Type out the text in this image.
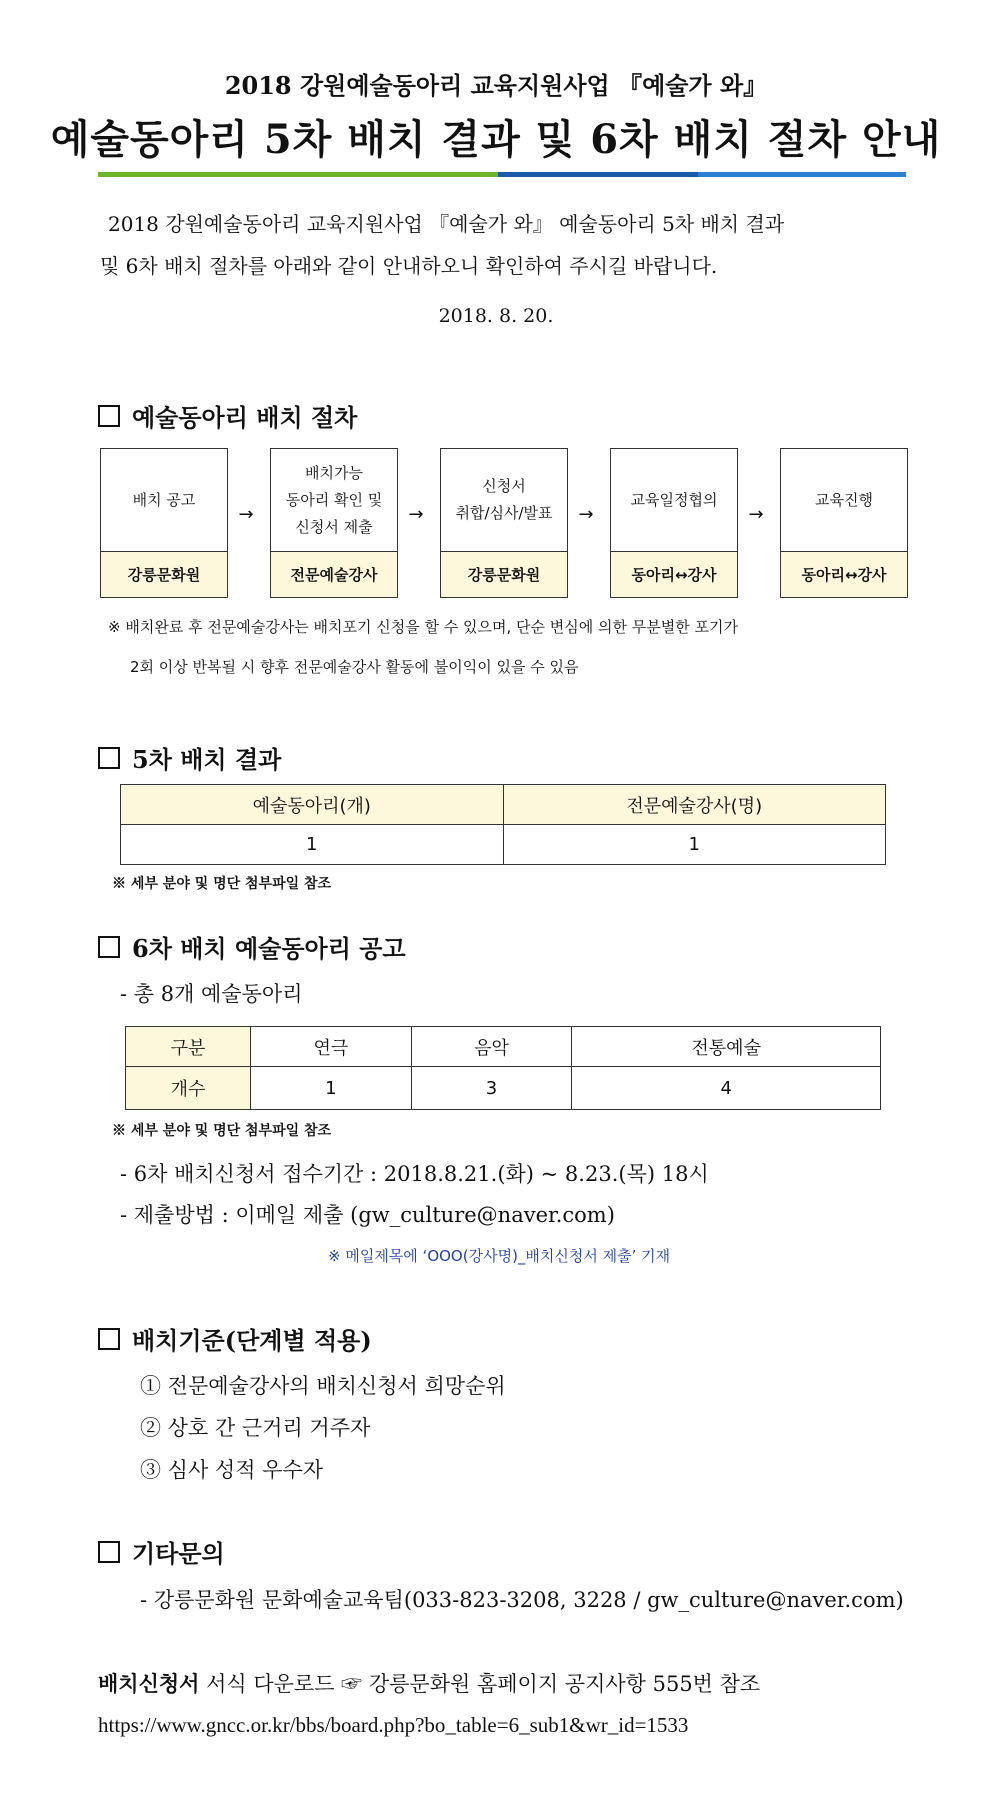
2018 강원예술동아리 교육지원사업 『예술가 와』
예술동아리 5차 배치 결과 및 6차 배치 절차 안내
2018 강원예술동아리 교육지원사업 『예술가 와』 예술동아리 5차 배치 결과
및 6차 배치 절차를 아래와 같이 안내하오니 확인하여 주시길 바랍니다.
2018. 8. 20.
예술동아리 배치 절차
배치 공고
강릉문화원
→
배치가능
동아리 확인 및
신청서 제출
전문예술강사
→
신청서
취합/심사/발표
강릉문화원
→
교육일정협의
동아리↔강사
→
교육진행
동아리↔강사
※ 배치완료 후 전문예술강사는 배치포기 신청을 할 수 있으며, 단순 변심에 의한 무분별한 포기가
2회 이상 반복될 시 향후 전문예술강사 활동에 불이익이 있을 수 있음
5차 배치 결과
예술동아리(개)	전문예술강사(명)
1	1
※ 세부 분야 및 명단 첨부파일 참조
6차 배치 예술동아리 공고
- 총 8개 예술동아리
구분	연극	음악	전통예술
개수	1	3	4
※ 세부 분야 및 명단 첨부파일 참조
- 6차 배치신청서 접수기간 : 2018.8.21.(화) ~ 8.23.(목) 18시
- 제출방법 : 이메일 제출 (gw_culture@naver.com)
※ 메일제목에 ‘OOO(강사명)_배치신청서 제출’ 기재
배치기준(단계별 적용)
① 전문예술강사의 배치신청서 희망순위
② 상호 간 근거리 거주자
③ 심사 성적 우수자
기타문의
- 강릉문화원 문화예술교육팀(033-823-3208, 3228 / gw_culture@naver.com)
배치신청서 서식 다운로드 ☞ 강릉문화원 홈페이지 공지사항 555번 참조
https://www.gncc.or.kr/bbs/board.php?bo_table=6_sub1&wr_id=1533
